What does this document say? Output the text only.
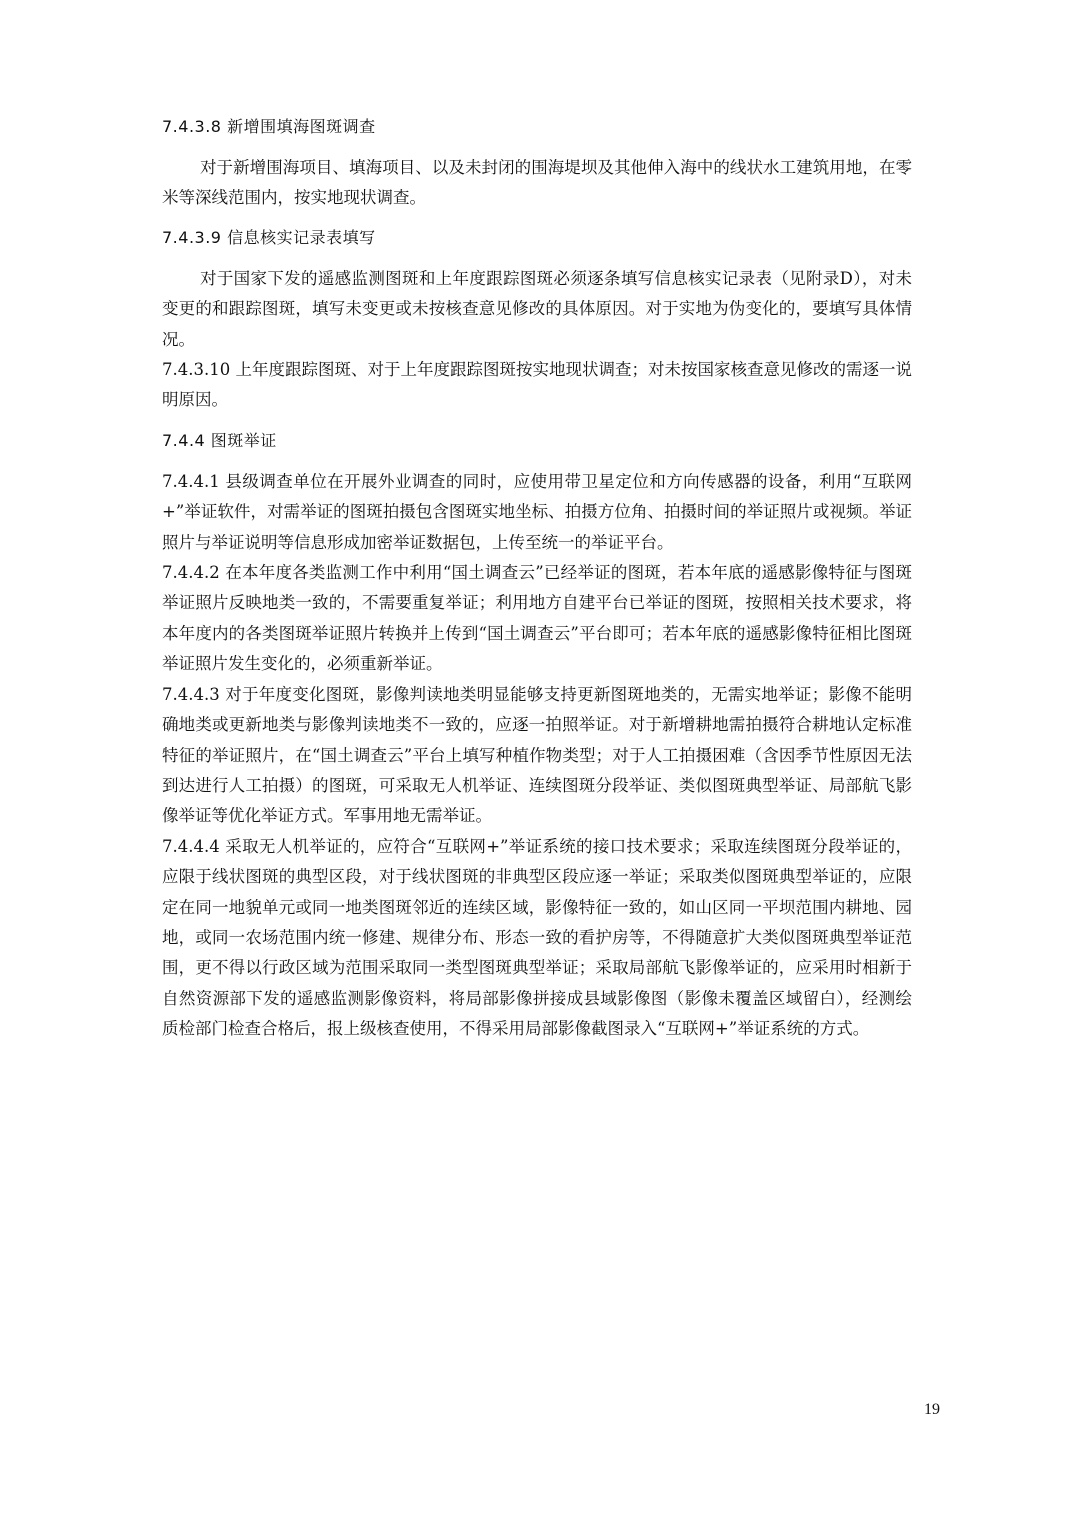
7.4.3.8 新增围填海图斑调查

对于新增围海项目、填海项目、以及未封闭的围海堤坝及其他伸入海中的线状水工建筑用地，在零米等深线范围内，按实地现状调查。

7.4.3.9 信息核实记录表填写

对于国家下发的遥感监测图斑和上年度跟踪图斑必须逐条填写信息核实记录表（见附录D），对未变更的和跟踪图斑，填写未变更或未按核查意见修改的具体原因。对于实地为伪变化的，要填写具体情况。

7.4.3.10 上年度跟踪图斑、对于上年度跟踪图斑按实地现状调查；对未按国家核查意见修改的需逐一说明原因。

7.4.4 图斑举证

7.4.4.1 县级调查单位在开展外业调查的同时，应使用带卫星定位和方向传感器的设备，利用“互联网+”举证软件，对需举证的图斑拍摄包含图斑实地坐标、拍摄方位角、拍摄时间的举证照片或视频。举证照片与举证说明等信息形成加密举证数据包，上传至统一的举证平台。

7.4.4.2 在本年度各类监测工作中利用“国土调查云”已经举证的图斑，若本年底的遥感影像特征与图斑举证照片反映地类一致的，不需要重复举证；利用地方自建平台已举证的图斑，按照相关技术要求，将本年度内的各类图斑举证照片转换并上传到“国土调查云”平台即可；若本年底的遥感影像特征相比图斑举证照片发生变化的，必须重新举证。

7.4.4.3 对于年度变化图斑，影像判读地类明显能够支持更新图斑地类的，无需实地举证；影像不能明确地类或更新地类与影像判读地类不一致的，应逐一拍照举证。对于新增耕地需拍摄符合耕地认定标准特征的举证照片，在“国土调查云”平台上填写种植作物类型；对于人工拍摄困难（含因季节性原因无法到达进行人工拍摄）的图斑，可采取无人机举证、连续图斑分段举证、类似图斑典型举证、局部航飞影像举证等优化举证方式。军事用地无需举证。

7.4.4.4 采取无人机举证的，应符合“互联网+”举证系统的接口技术要求；采取连续图斑分段举证的，应限于线状图斑的典型区段，对于线状图斑的非典型区段应逐一举证；采取类似图斑典型举证的，应限定在同一地貌单元或同一地类图斑邻近的连续区域，影像特征一致的，如山区同一平坝范围内耕地、园地，或同一农场范围内统一修建、规律分布、形态一致的看护房等，不得随意扩大类似图斑典型举证范围，更不得以行政区域为范围采取同一类型图斑典型举证；采取局部航飞影像举证的，应采用时相新于自然资源部下发的遥感监测影像资料，将局部影像拼接成县域影像图（影像未覆盖区域留白），经测绘质检部门检查合格后，报上级核查使用，不得采用局部影像截图录入“互联网+”举证系统的方式。

19
